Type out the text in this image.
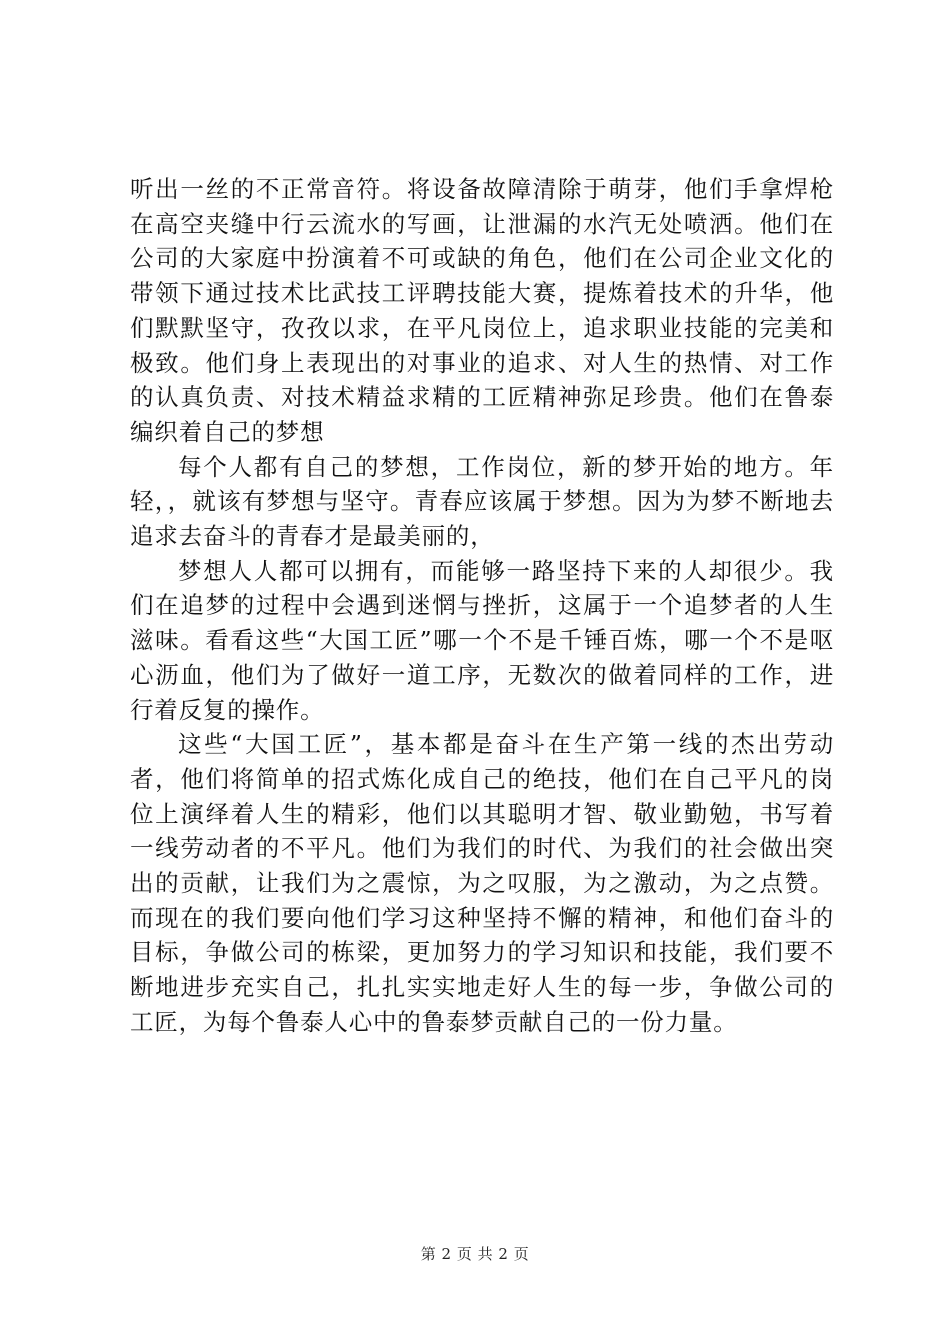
听出一丝的不正常音符。将设备故障清除于萌芽，他们手拿焊枪在高空夹缝中行云流水的写画，让泄漏的水汽无处喷洒。他们在公司的大家庭中扮演着不可或缺的角色，他们在公司企业文化的带领下通过技术比武技工评聘技能大赛，提炼着技术的升华，他们默默坚守，孜孜以求，在平凡岗位上，追求职业技能的完美和极致。他们身上表现出的对事业的追求、对人生的热情、对工作的认真负责、对技术精益求精的工匠精神弥足珍贵。他们在鲁泰编织着自己的梦想

每个人都有自己的梦想，工作岗位，新的梦开始的地方。年轻，，就该有梦想与坚守。青春应该属于梦想。因为为梦不断地去追求去奋斗的青春才是最美丽的，

梦想人人都可以拥有，而能够一路坚持下来的人却很少。我们在追梦的过程中会遇到迷惘与挫折，这属于一个追梦者的人生滋味。看看这些“大国工匠”哪一个不是千锤百炼，哪一个不是呕心沥血，他们为了做好一道工序，无数次的做着同样的工作，进行着反复的操作。

这些“大国工匠”，基本都是奋斗在生产第一线的杰出劳动者，他们将简单的招式炼化成自己的绝技，他们在自己平凡的岗位上演绎着人生的精彩，他们以其聪明才智、敬业勤勉，书写着一线劳动者的不平凡。他们为我们的时代、为我们的社会做出突出的贡献，让我们为之震惊，为之叹服，为之激动，为之点赞。而现在的我们要向他们学习这种坚持不懈的精神，和他们奋斗的目标，争做公司的栋梁，更加努力的学习知识和技能，我们要不断地进步充实自己，扎扎实实地走好人生的每一步，争做公司的工匠，为每个鲁泰人心中的鲁泰梦贡献自己的一份力量。

第 2 页 共 2 页
